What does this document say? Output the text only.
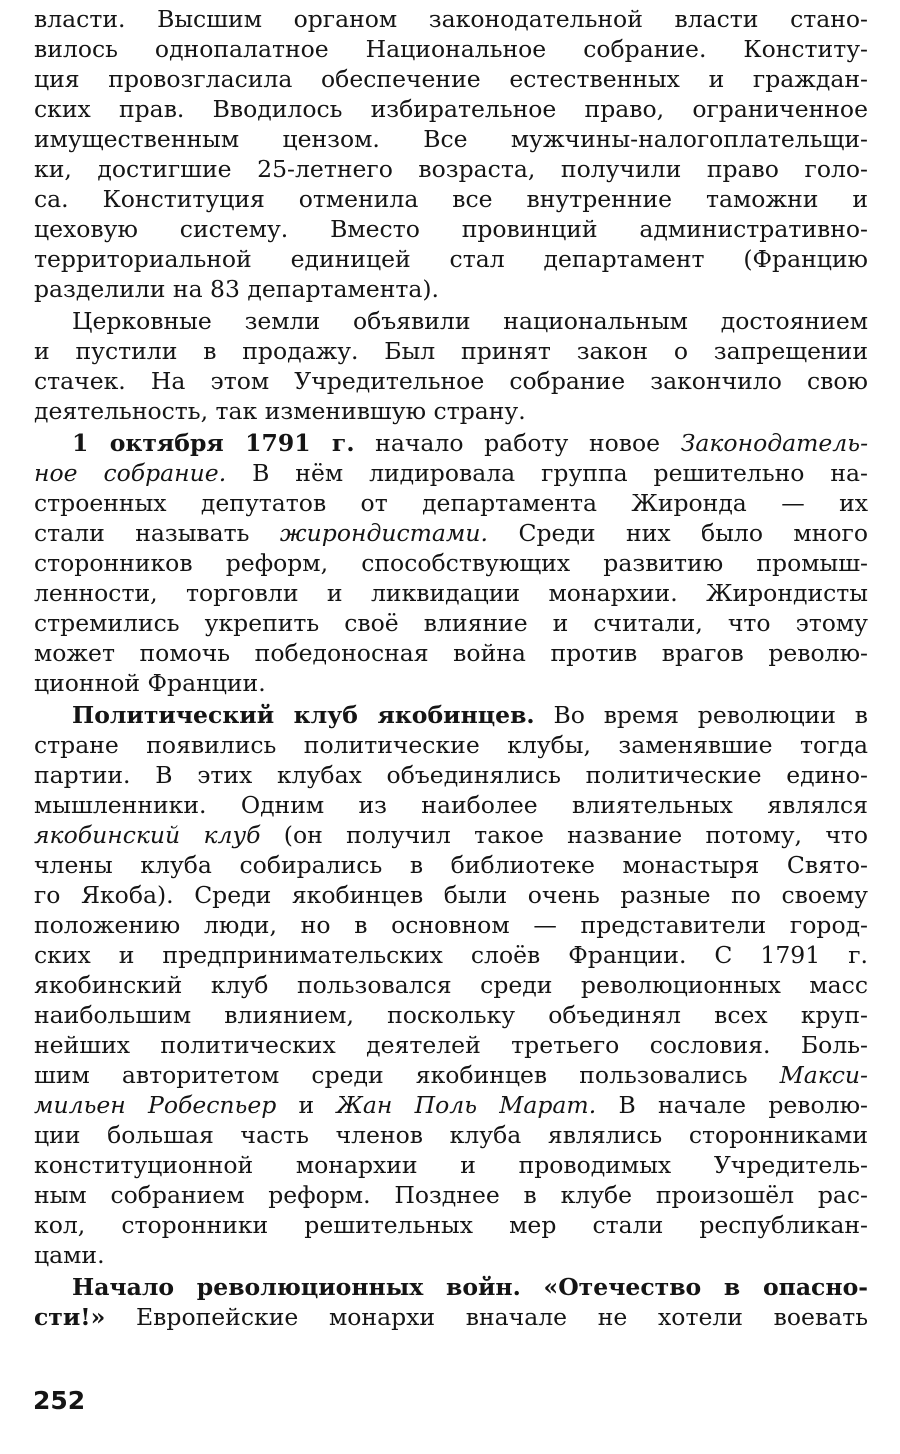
власти. Высшим органом законодательной власти стано-
вилось однопалатное Национальное собрание. Конститу-
ция провозгласила обеспечение естественных и граждан-
ских прав. Вводилось избирательное право, ограниченное
имущественным цензом. Все мужчины-налогоплательщи-
ки, достигшие 25-летнего возраста, получили право голо-
са. Конституция отменила все внутренние таможни и
цеховую систему. Вместо провинций административно-
территориальной единицей стал департамент (Францию
разделили на 83 департамента).
Церковные земли объявили национальным достоянием
и пустили в продажу. Был принят закон о запрещении
стачек. На этом Учредительное собрание закончило свою
деятельность, так изменившую страну.
1 октября 1791 г. начало работу новое Законодатель-
ное собрание. В нём лидировала группа решительно на-
строенных депутатов от департамента Жиронда — их
стали называть жирондистами. Среди них было много
сторонников реформ, способствующих развитию промыш-
ленности, торговли и ликвидации монархии. Жирондисты
стремились укрепить своё влияние и считали, что этому
может помочь победоносная война против врагов револю-
ционной Франции.
Политический клуб якобинцев. Во время революции в
стране появились политические клубы, заменявшие тогда
партии. В этих клубах объединялись политические едино-
мышленники. Одним из наиболее влиятельных являлся
якобинский клуб (он получил такое название потому, что
члены клуба собирались в библиотеке монастыря Свято-
го Якоба). Среди якобинцев были очень разные по своему
положению люди, но в основном — представители город-
ских и предпринимательских слоёв Франции. С 1791 г.
якобинский клуб пользовался среди революционных масс
наибольшим влиянием, поскольку объединял всех круп-
нейших политических деятелей третьего сословия. Боль-
шим авторитетом среди якобинцев пользовались Макси-
мильен Робеспьер и Жан Поль Марат. В начале револю-
ции большая часть членов клуба являлись сторонниками
конституционной монархии и проводимых Учредитель-
ным собранием реформ. Позднее в клубе произошёл рас-
кол, сторонники решительных мер стали республикан-
цами.
Начало революционных войн. «Отечество в опасно-
сти!» Европейские монархи вначале не хотели воевать
252
